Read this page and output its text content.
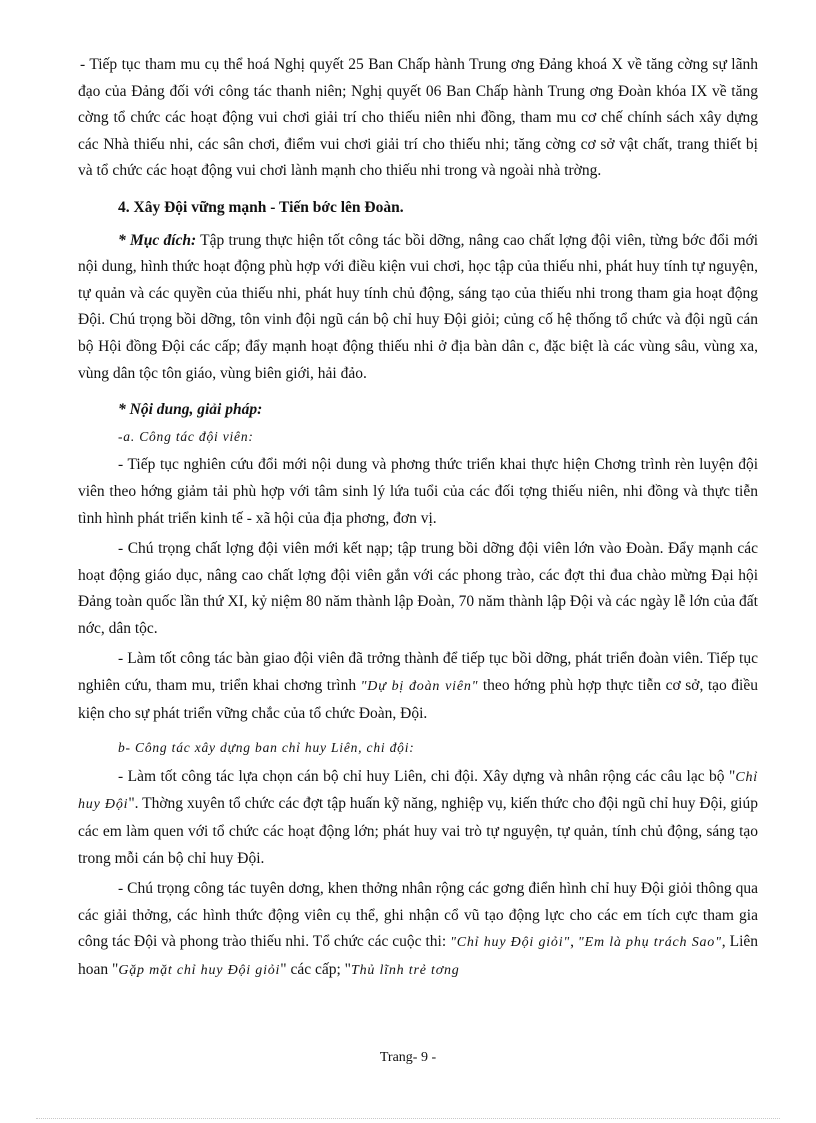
- Tiếp tục tham mu cụ thể hoá Nghị quyết 25 Ban Chấp hành Trung ơng Đảng khoá X về tăng cờng sự lãnh đạo của Đảng đối với công tác thanh niên; Nghị quyết 06 Ban Chấp hành Trung ơng Đoàn khóa IX về tăng cờng tổ chức các hoạt động vui chơi giải trí cho thiếu niên nhi đồng, tham mu cơ chế chính sách xây dựng các Nhà thiếu nhi, các sân chơi, điểm vui chơi giải trí cho thiếu nhi; tăng cờng cơ sở vật chất, trang thiết bị và tổ chức các hoạt động vui chơi lành mạnh cho thiếu nhi trong và ngoài nhà trờng.

4. Xây Đội vững mạnh - Tiến bớc lên Đoàn.

* Mục đích: Tập trung thực hiện tốt công tác bồi dỡng, nâng cao chất lợng đội viên, từng bớc đổi mới nội dung, hình thức hoạt động phù hợp với điều kiện vui chơi, học tập của thiếu nhi, phát huy tính tự nguyện, tự quản và các quyền của thiếu nhi, phát huy tính chủ động, sáng tạo của thiếu nhi trong tham gia hoạt động Đội. Chú trọng bồi dỡng, tôn vinh đội ngũ cán bộ chỉ huy Đội giỏi; củng cố hệ thống tổ chức và đội ngũ cán bộ Hội đồng Đội các cấp; đẩy mạnh hoạt động thiếu nhi ở địa bàn dân c, đặc biệt là các vùng sâu, vùng xa, vùng dân tộc tôn giáo, vùng biên giới, hải đảo.

* Nội dung, giải pháp:

-a. Công tác đội viên:

- Tiếp tục nghiên cứu đổi mới nội dung và phơng thức triển khai thực hiện Chơng trình rèn luyện đội viên theo hớng giảm tải phù hợp với tâm sinh lý lứa tuổi của các đối tợng thiếu niên, nhi đồng và thực tiễn tình hình phát triển kinh tế - xã hội của địa phơng, đơn vị.

- Chú trọng chất lợng đội viên mới kết nạp; tập trung bồi dỡng đội viên lớn vào Đoàn. Đẩy mạnh các hoạt động giáo dục, nâng cao chất lợng đội viên gắn với các phong trào, các đợt thi đua chào mừng Đại hội Đảng toàn quốc lần thứ XI, kỷ niệm 80 năm thành lập Đoàn, 70 năm thành lập Đội và các ngày lễ lớn của đất nớc, dân tộc.

- Làm tốt công tác bàn giao đội viên đã trởng thành để tiếp tục bồi dỡng, phát triển đoàn viên. Tiếp tục nghiên cứu, tham mu, triển khai chơng trình "Dự bị đoàn viên" theo hớng phù hợp thực tiễn cơ sở, tạo điều kiện cho sự phát triển vững chắc của tổ chức Đoàn, Đội.

b- Công tác xây dựng ban chỉ huy Liên, chi đội:

- Làm tốt công tác lựa chọn cán bộ chỉ huy Liên, chi đội. Xây dựng và nhân rộng các câu lạc bộ "Chỉ huy Đội". Thờng xuyên tổ chức các đợt tập huấn kỹ năng, nghiệp vụ, kiến thức cho đội ngũ chỉ huy Đội, giúp các em làm quen với tổ chức các hoạt động lớn; phát huy vai trò tự nguyện, tự quản, tính chủ động, sáng tạo trong mỗi cán bộ chỉ huy Đội.

- Chú trọng công tác tuyên dơng, khen thởng nhân rộng các gơng điển hình chỉ huy Đội giỏi thông qua các giải thởng, các hình thức động viên cụ thể, ghi nhận cổ vũ tạo động lực cho các em tích cực tham gia công tác Đội và phong trào thiếu nhi. Tổ chức các cuộc thi: "Chỉ huy Đội giỏi", "Em là phụ trách Sao", Liên hoan "Gặp mặt chỉ huy Đội giỏi" các cấp; "Thủ lĩnh trẻ tơng

Trang- 9 -
